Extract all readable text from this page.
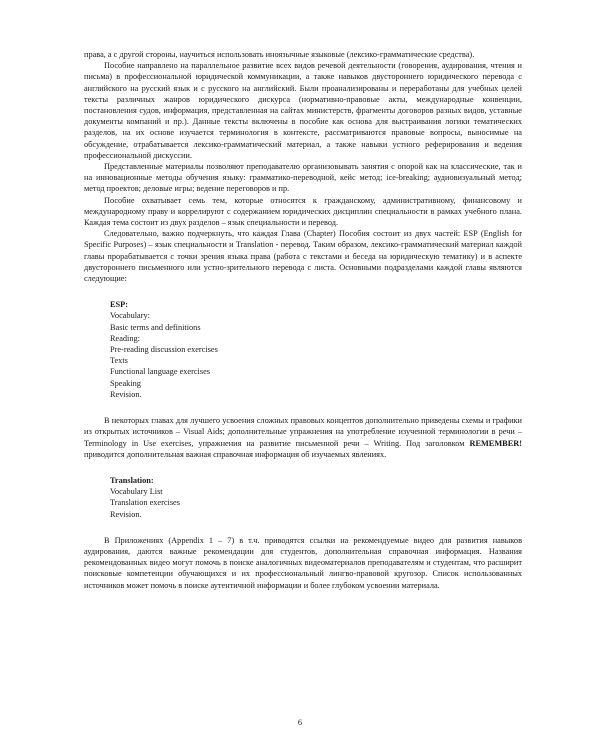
права, а с другой стороны, научиться использовать иноязычные языковые (лексико-грамматические средства).

Пособие направлено на параллельное развитие всех видов речевой деятельности (говорения, аудирования, чтения и письма) в профессиональной юридической коммуникации, а также навыков двустороннего юридического перевода с английского на русский язык и с русского на английский. Были проанализированы и переработаны для учебных целей тексты различных жанров юридического дискурса (нормативно-правовые акты, международные конвенции, постановления судов, информация, представленная на сайтах министерств, фрагменты договоров разных видов, уставные документы компаний и пр.). Данные тексты включены в пособие как основа для выстраивания логики тематических разделов, на их основе изучается терминология в контексте, рассматриваются правовые вопросы, выносимые на обсуждение, отрабатывается лексико-грамматический материал, а также навыки устного реферирования и ведения профессиональной дискуссии.

Представленные материалы позволяют преподавателю организовывать занятия с опорой как на классические, так и на инновационные методы обучения языку: грамматико-переводной, кейс метод; ice-breaking; аудиовизуальный метод; метод проектов; деловые игры; ведение переговоров и пр.

Пособие охватывает семь тем, которые относятся к гражданскому, административному, финансовому и международному праву и коррелируют с содержанием юридических дисциплин специальности в рамках учебного плана. Каждая тема состоит из двух разделов – язык специальности и перевод.

Следовательно, важно подчеркнуть, что каждая Глава (Chapter) Пособия состоит из двух частей: ESP (English for Specific Purposes) – язык специальности и Translation - перевод. Таким образом, лексико-грамматический материал каждой главы прорабатывается с точки зрения языка права (работа с текстами и беседа на юридическую тематику) и в аспекте двустороннего письменного или устно-зрительного перевода с листа. Основными подразделами каждой главы являются следующие:

ESP:

Vocabulary:
Basic terms and definitions
Reading:
Pre-reading discussion exercises
Texts
Functional language exercises
Speaking
Revision.

В некоторых главах для лучшего усвоения сложных правовых концептов дополнительно приведены схемы и графики из открытых источников – Visual Aids; дополнительные упражнения на употребление изученной терминологии в речи – Terminology in Use exercises, упражнения на развитие письменной речи – Writing. Под заголовком REMEMBER! приводится дополнительная важная справочная информация об изучаемых явлениях.

Translation:

Vocabulary List
Translation exercises
Revision.

В Приложениях (Appendix 1 – 7) в т.ч. приводятся ссылки на рекомендуемые видео для развития навыков аудирования, даются важные рекомендации для студентов, дополнительная справочная информация. Названия рекомендованных видео могут помочь в поиске аналогичных видеоматериалов преподавателям и студентам, что расширит поисковые компетенции обучающихся и их профессиональный лингво-правовой кругозор. Список использованных источников может помочь в поиске аутентичной информации и более глубоком усвоении материала.

6
